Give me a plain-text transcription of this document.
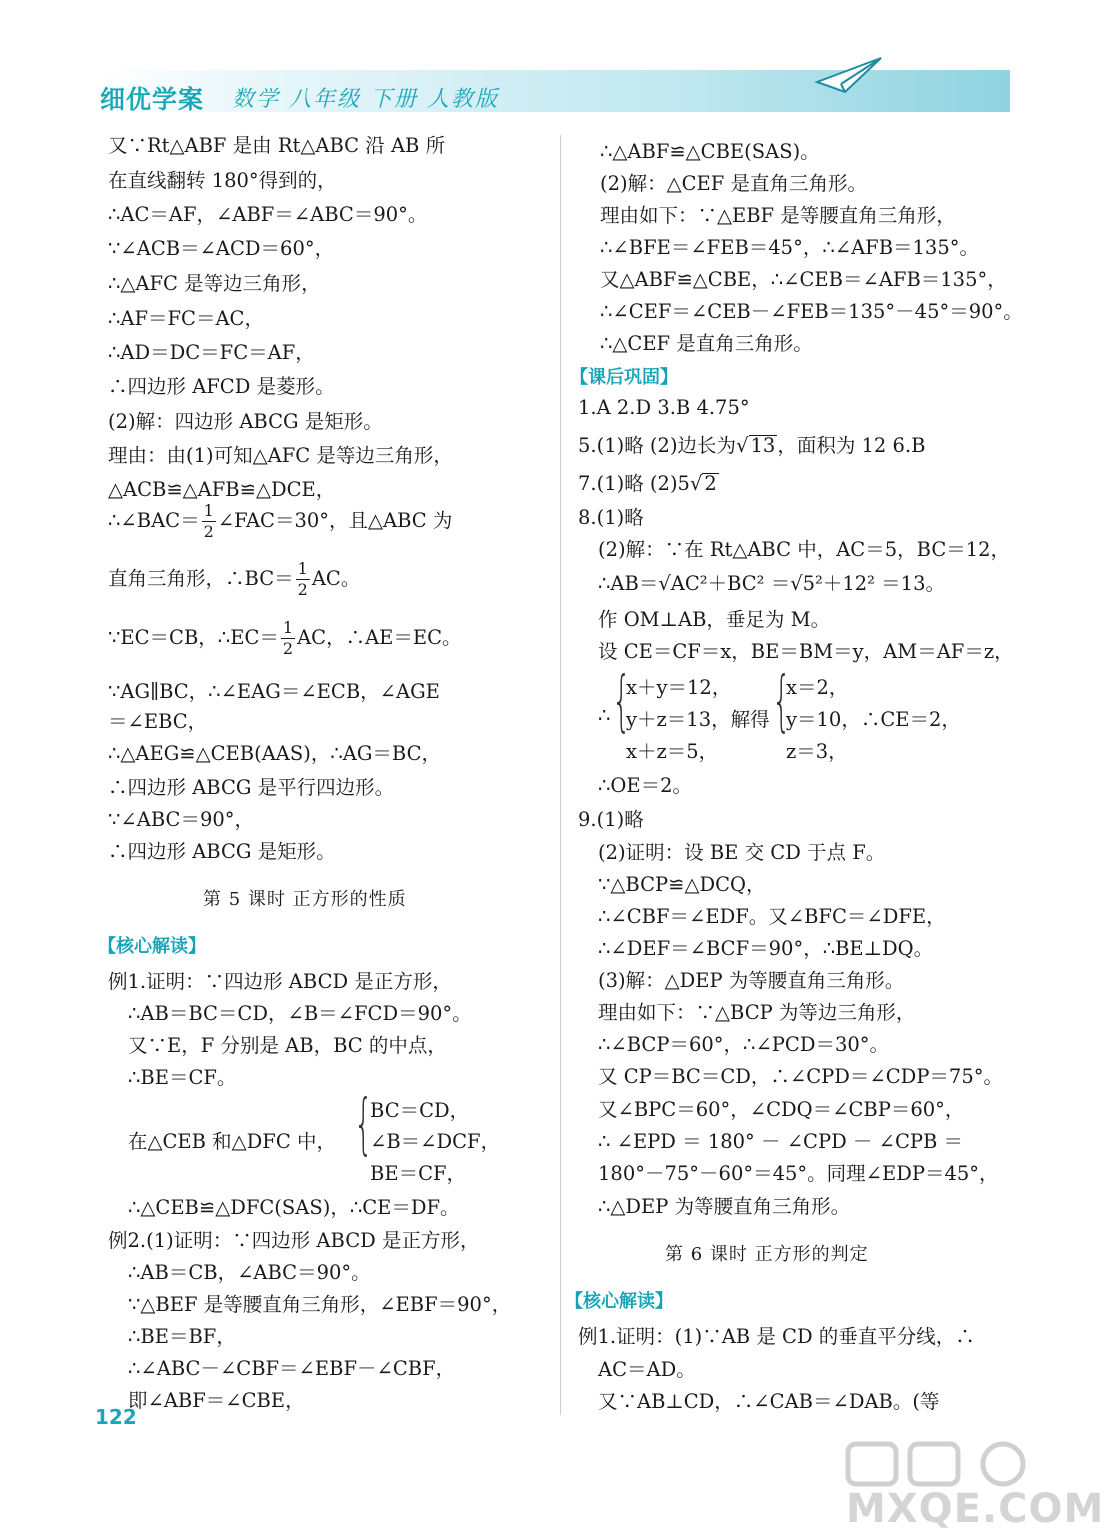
细优学案 数学 八年级 下册 人教版
又∵Rt△ABF 是由 Rt△ABC 沿 AB 所
在直线翻转 180°得到的，
∴AC＝AF，∠ABF＝∠ABC＝90°。
∵∠ACB＝∠ACD＝60°，
∴△AFC 是等边三角形，
∴AF＝FC＝AC，
∴AD＝DC＝FC＝AF，
∴四边形 AFCD 是菱形。
(2)解：四边形 ABCG 是矩形。
理由：由(1)可知△AFC 是等边三角形，
△ACB≌△AFB≌△DCE，
∴∠BAC＝ $\frac{1}{2}$ ∠FAC＝30°，且△ABC 为
直角三角形，∴BC＝ $\frac{1}{2}$ AC。
∵EC＝CB，∴EC＝ $\frac{1}{2}$ AC，∴AE＝EC。
∵AG∥BC，∴∠EAG＝∠ECB，∠AGE
＝∠EBC，
∴△AEG≌△CEB(AAS)，∴AG＝BC，
∴四边形 ABCG 是平行四边形。
∵∠ABC＝90°，
∴四边形 ABCG 是矩形。
第 5 课时 正方形的性质
【核心解读】
例1.证明：∵四边形 ABCD 是正方形，
∴AB＝BC＝CD，∠B＝∠FCD＝90°。
又∵E，F 分别是 AB，BC 的中点，
∴BE＝CF。
在△CEB 和△DFC 中， {
BC＝CD，
∠B＝∠DCF，
BE＝CF，
∴△CEB≌△DFC(SAS)，∴CE＝DF。
例2.(1)证明：∵四边形 ABCD 是正方形，
∴AB＝CB，∠ABC＝90°。
∵△BEF 是等腰直角三角形，∠EBF＝90°，
∴BE＝BF，
∴∠ABC－∠CBF＝∠EBF－∠CBF，
即∠ABF＝∠CBE，
∴△ABF≌△CBE(SAS)。
(2)解：△CEF 是直角三角形。
理由如下：∵△EBF 是等腰直角三角形，
∴∠BFE＝∠FEB＝45°，∴∠AFB＝135°。
又△ABF≌△CBE，∴∠CEB＝∠AFB＝135°，
∴∠CEF＝∠CEB－∠FEB＝135°－45°＝90°。
∴△CEF 是直角三角形。
【课后巩固】
1.A 2.D 3.B 4.75°
5.(1)略 (2)边长为√ 13 ，面积为 12 6.B
7.(1)略 (2)5√ 2
8.(1)略
(2)解：∵在 Rt△ABC 中，AC＝5，BC＝12，
∴AB＝√AC²＋BC² ＝√5²＋12² ＝13。
作 OM⊥AB，垂足为 M。
设 CE＝CF＝x，BE＝BM＝y，AM＝AF＝z，
∴ {
x＋y＝12，
y＋z＝13，解得
x＋z＝5，
{
x＝2，
y＝10，∴CE＝2，
z＝3，
∴OE＝2。
9.(1)略
(2)证明：设 BE 交 CD 于点 F。
∵△BCP≌△DCQ，
∴∠CBF＝∠EDF。又∠BFC＝∠DFE，
∴∠DEF＝∠BCF＝90°，∴BE⊥DQ。
(3)解：△DEP 为等腰直角三角形。
理由如下：∵△BCP 为等边三角形，
∴∠BCP＝60°，∴∠PCD＝30°。
又 CP＝BC＝CD，∴∠CPD＝∠CDP＝75°。
又∠BPC＝60°，∠CDQ＝∠CBP＝60°，
∴ ∠EPD ＝ 180° － ∠CPD － ∠CPB ＝
180°－75°－60°＝45°。同理∠EDP＝45°，
∴△DEP 为等腰直角三角形。
第 6 课时 正方形的判定
【核心解读】
例1.证明：(1)∵AB 是 CD 的垂直平分线，∴
AC＝AD。
又∵AB⊥CD，∴∠CAB＝∠DAB。(等
122
MXQE.COM
